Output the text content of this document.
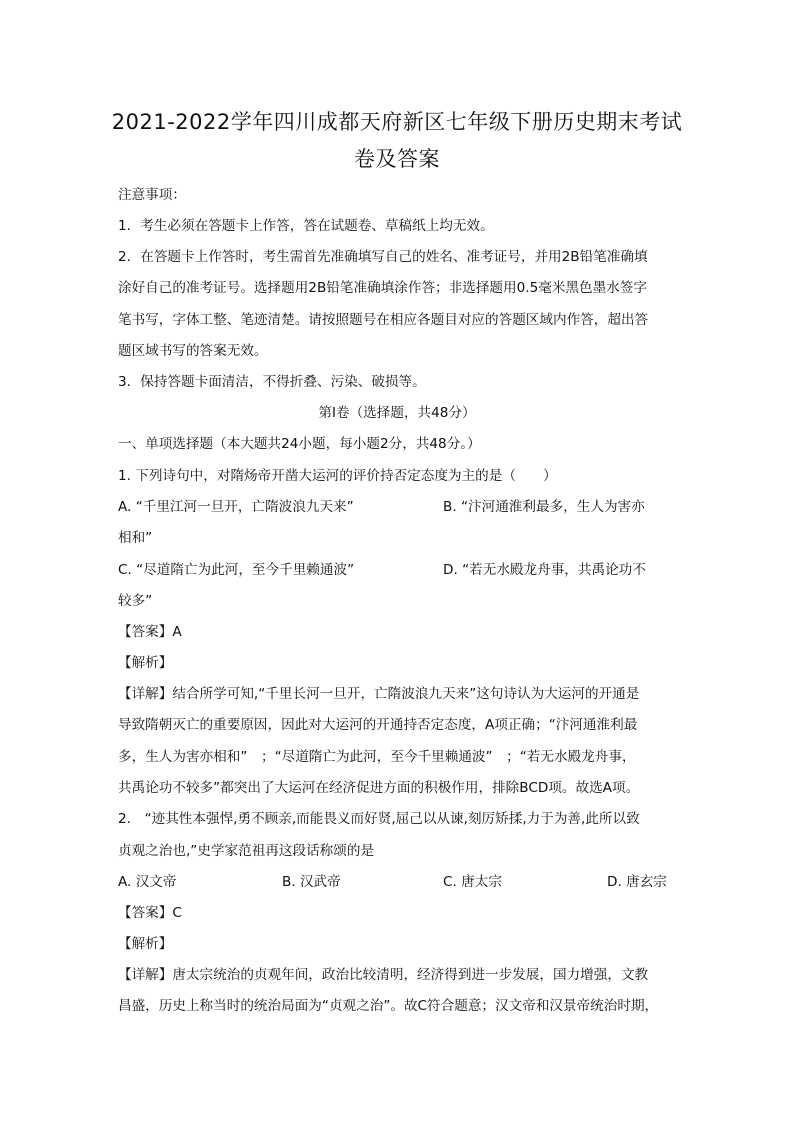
2021-2022学年四川成都天府新区七年级下册历史期末考试
卷及答案
注意事项：
1．考生必须在答题卡上作答，答在试题卷、草稿纸上均无效。
2．在答题卡上作答时，考生需首先准确填写自己的姓名、准考证号，并用2B铅笔准确填
涂好自己的准考证号。选择题用2B铅笔准确填涂作答；非选择题用0.5毫米黑色墨水签字
笔书写，字体工整、笔迹清楚。请按照题号在相应各题目对应的答题区域内作答，超出答
题区域书写的答案无效。
3．保持答题卡面清洁，不得折叠、污染、破损等。
第Ⅰ卷（选择题，共48分）
一、单项选择题（本大题共24小题，每小题2分，共48分。）
1. 下列诗句中，对隋炀帝开凿大运河的评价持否定态度为主的是（　　）
A. “千里江河一旦开，亡隋波浪九天来”	B. “汴河通淮利最多，生人为害亦
相和”
C. “尽道隋亡为此河，至今千里赖通波”	D. “若无水殿龙舟事，共禹论功不
较多”
【答案】A
【解析】
【详解】结合所学可知,“千里长河一旦开，亡隋波浪九天来”这句诗认为大运河的开通是
导致隋朝灭亡的重要原因，因此对大运河的开通持否定态度，A项正确；“汴河通淮利最
多，生人为害亦相和”　；“尽道隋亡为此河，至今千里赖通波”　；“若无水殿龙舟事，
共禹论功不较多”都突出了大运河在经济促进方面的积极作用，排除BCD项。故选A项。
2.　“迹其性本强悍,勇不顾亲,而能畏义而好贤,屈己以从谏,刻厉矫揉,力于为善,此所以致
贞观之治也,”史学家范祖再这段话称颂的是
A. 汉文帝	B. 汉武帝	C. 唐太宗	D. 唐玄宗
【答案】C
【解析】
【详解】唐太宗统治的贞观年间，政治比较清明，经济得到进一步发展，国力增强，文教
昌盛，历史上称当时的统治局面为“贞观之治”。故C符合题意；汉文帝和汉景帝统治时期，
